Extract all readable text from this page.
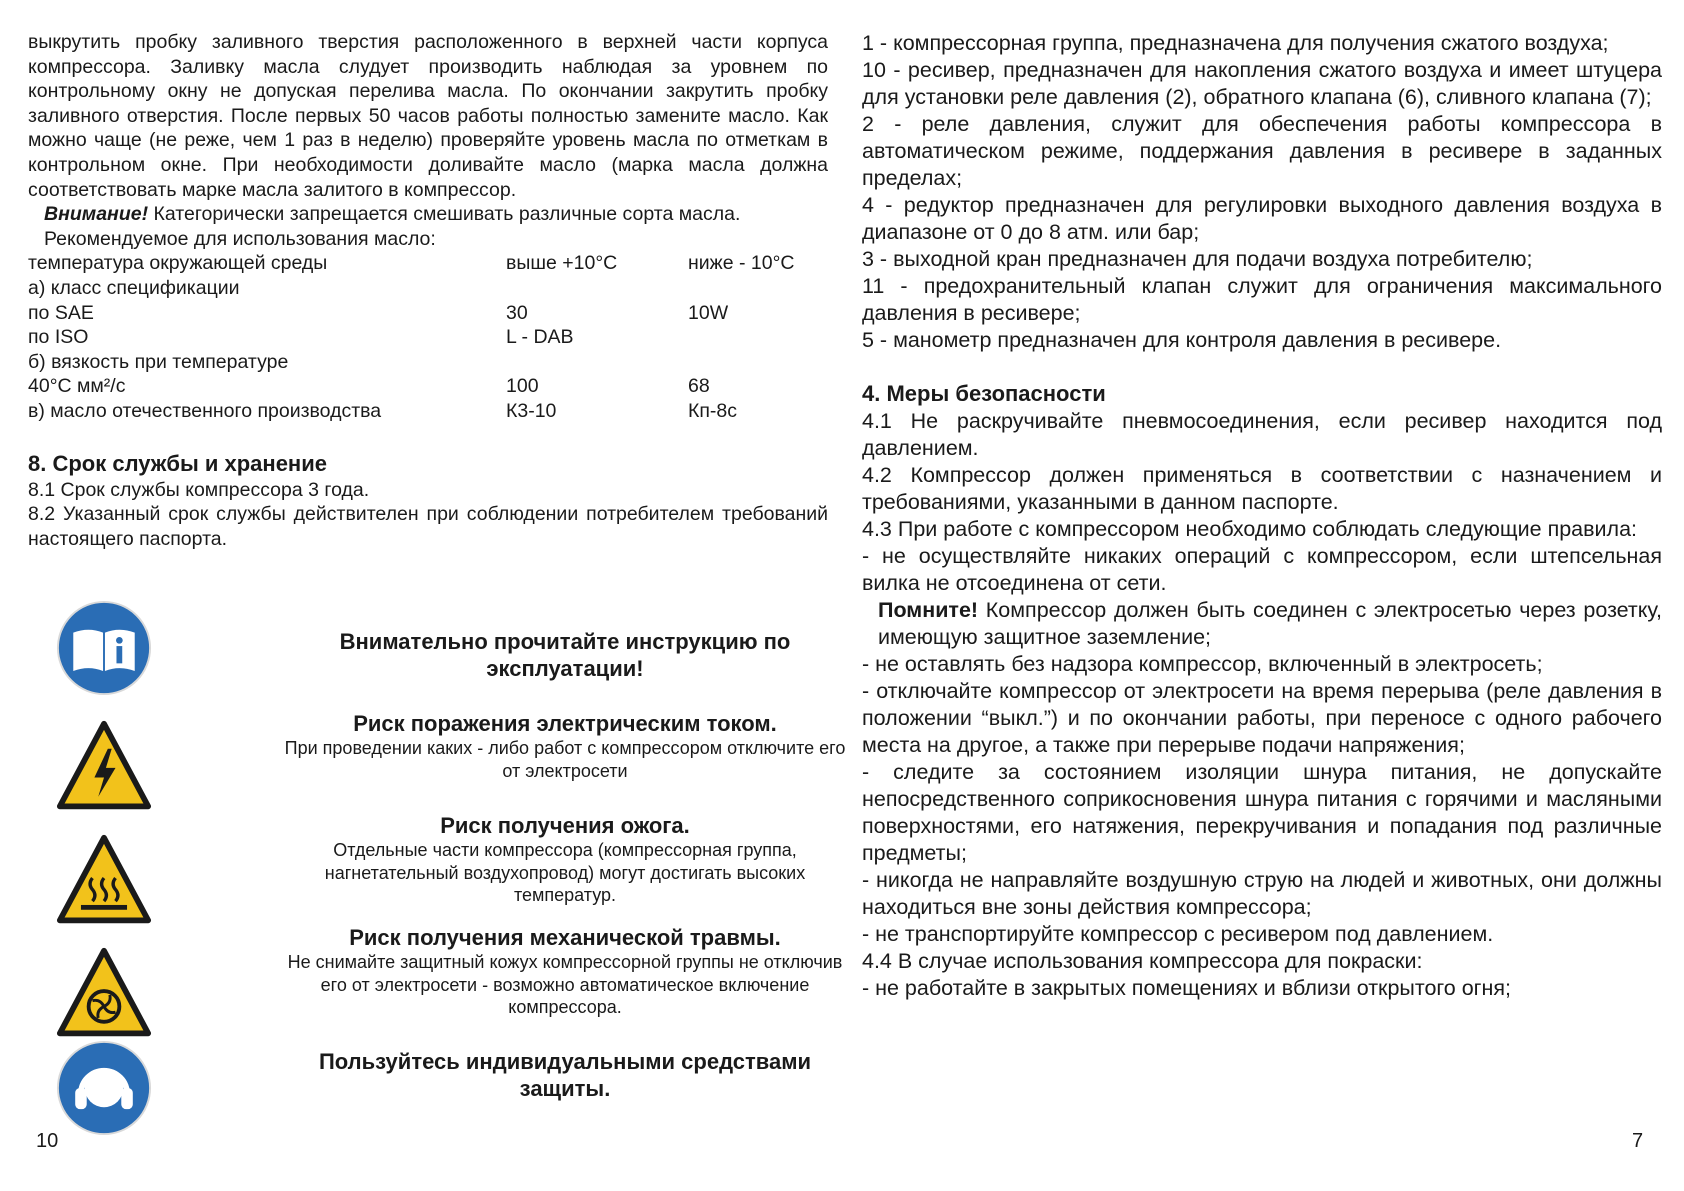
выкрутить пробку заливного тверстия расположенного в верхней части корпуса компрессора. Заливку масла слудует производить наблюдая за уровнем по контрольному окну не допуская перелива масла. По окончании закрутить пробку заливного отверстия. После первых 50 часов работы полностью замените масло. Как можно чаще (не реже, чем 1 раз в неделю) проверяйте уровень масла по отметкам в контрольном окне. При необходимости доливайте масло (марка масла должна соответствовать марке масла залитого в компрессор.

Внимание! Категорически запрещается смешивать различные сорта масла.

Рекомендуемое для использования масло:

температура окружающей среды	выше +10°С	ниже - 10°С
а) класс спецификации
по SAE	30	10W
по ISO	L - DAB
б) вязкость при температуре
40°С мм²/с	100	68
в) масло отечественного производства	К3-10	Кп-8с

8. Срок службы и хранение

8.1 Срок службы компрессора 3 года.

8.2 Указанный срок службы действителен при соблюдении потребителем требований настоящего паспорта.

Внимательно прочитайте инструкцию по эксплуатации!
Риск поражения электрическим током.
При проведении каких - либо работ с компрессором отключите его от электросети
Риск получения ожога.
Отдельные части компрессора (компрессорная группа, нагнетательный воздухопровод) могут достигать высоких температур.
Риск получения механической травмы.
Не снимайте защитный кожух компрессорной группы не отключив его от электросети - возможно автоматическое включение компрессора.
Пользуйтесь индивидуальными средствами защиты.

1 - компрессорная группа, предназначена для получения сжатого воздуха;

10 - ресивер, предназначен для накопления сжатого воздуха и имеет штуцера для установки реле давления (2), обратного клапана (6), сливного клапана (7);

2 - реле давления, служит для обеспечения работы компрессора в автоматическом режиме, поддержания давления в ресивере в заданных пределах;

4 - редуктор предназначен для регулировки выходного давления воздуха в диапазоне от 0 до 8 атм. или бар;

3 - выходной кран предназначен для подачи воздуха потребителю;

11 - предохранительный клапан служит для ограничения максимального давления в ресивере;

5 - манометр предназначен для контроля давления в ресивере.

4. Меры безопасности

4.1 Не раскручивайте пневмосоединения, если ресивер находится под давлением.

4.2 Компрессор должен применяться в соответствии с назначением и требованиями, указанными в данном паспорте.

4.3 При работе с компрессором необходимо соблюдать следующие правила:

- не осуществляйте никаких операций с компрессором, если штепсельная вилка не отсоединена от сети.

Помните! Компрессор должен быть соединен с электросетью через розетку, имеющую защитное заземление;

- не оставлять без надзора компрессор, включенный в электросеть;

- отключайте компрессор от электросети на время перерыва (реле давления в положении “выкл.”) и по окончании работы, при переносе с одного рабочего места на другое, а также при перерыве подачи напряжения;

- следите за состоянием изоляции шнура питания, не допускайте непосредственного соприкосновения шнура питания с горячими и масляными поверхностями, его натяжения, перекручивания и попадания под различные предметы;

- никогда не направляйте воздушную струю на людей и животных, они должны находиться вне зоны действия компрессора;

- не транспортируйте компрессор с ресивером под давлением.

4.4 В случае использования компрессора для покраски:

- не работайте в закрытых помещениях и вблизи открытого огня;

10	7
